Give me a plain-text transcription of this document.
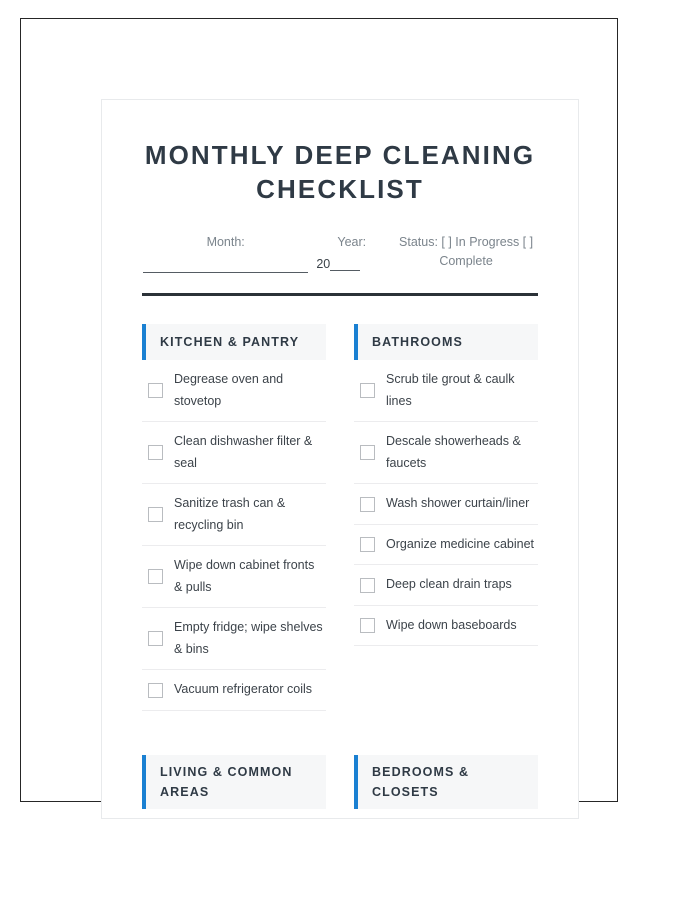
MONTHLY DEEP CLEANING CHECKLIST
Month:	Year:
20
Status: [ ] In Progress [ ] Complete
KITCHEN & PANTRY
Degrease oven and stovetop
Clean dishwasher filter & seal
Sanitize trash can & recycling bin
Wipe down cabinet fronts & pulls
Empty fridge; wipe shelves & bins
Vacuum refrigerator coils
BATHROOMS
Scrub tile grout & caulk lines
Descale showerheads & faucets
Wash shower curtain/liner
Organize medicine cabinet
Deep clean drain traps
Wipe down baseboards
LIVING & COMMON AREAS
BEDROOMS & CLOSETS
